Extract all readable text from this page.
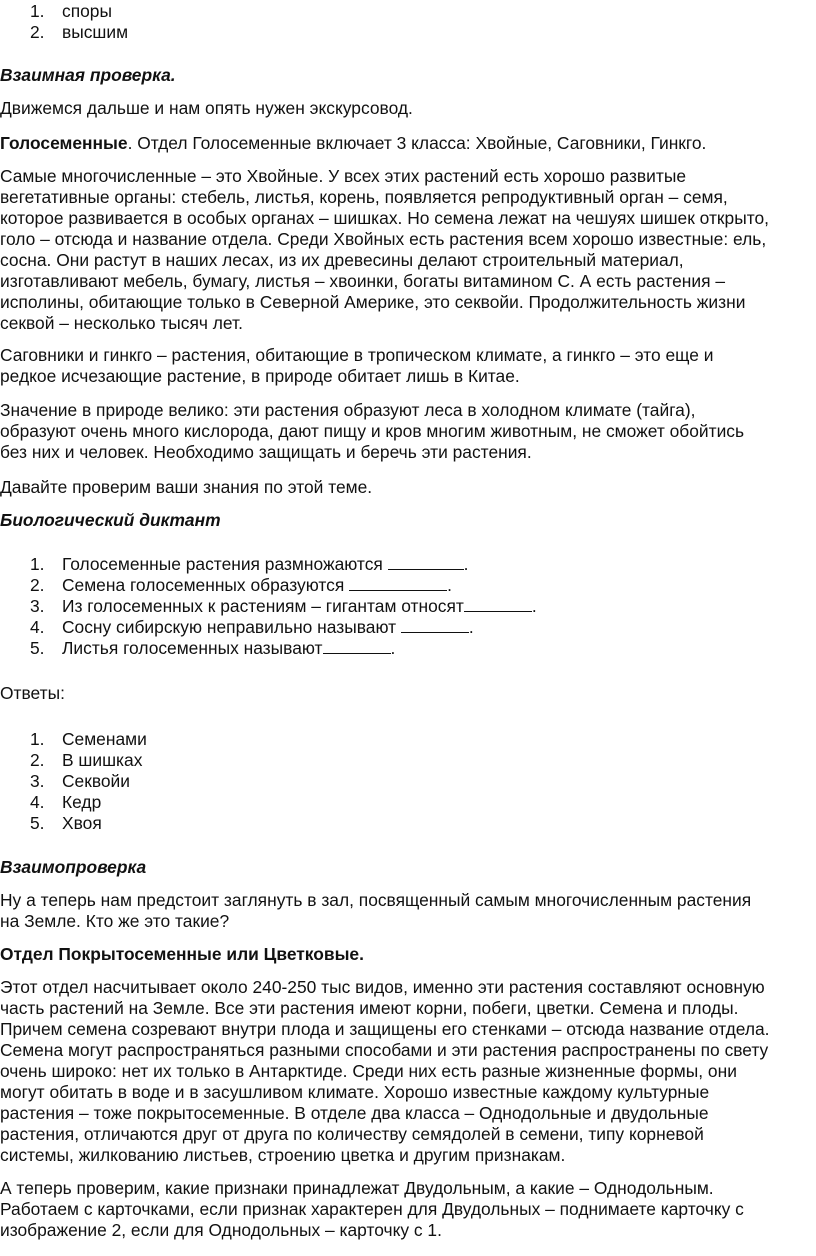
1. споры
2. высшим

Взаимная проверка.

Движемся дальше и нам опять нужен экскурсовод.

Голосеменные. Отдел Голосеменные включает 3 класса: Хвойные, Саговники, Гинкго.

Самые многочисленные – это Хвойные. У всех этих растений есть хорошо развитые
вегетативные органы: стебель, листья, корень, появляется репродуктивный орган – семя,
которое развивается в особых органах – шишках. Но семена лежат на чешуях шишек открыто,
голо – отсюда и название отдела. Среди Хвойных есть растения всем хорошо известные: ель,
сосна. Они растут в наших лесах, из их древесины делают строительный материал,
изготавливают мебель, бумагу, листья – хвоинки, богаты витамином С. А есть растения –
исполины, обитающие только в Северной Америке, это секвойи. Продолжительность жизни
секвой – несколько тысяч лет.
Саговники и гинкго – растения, обитающие в тропическом климате, а гинкго – это еще и
редкое исчезающие растение, в природе обитает лишь в Китае.
Значение в природе велико: эти растения образуют леса в холодном климате (тайга),
образуют очень много кислорода, дают пищу и кров многим животным, не сможет обойтись
без них и человек. Необходимо защищать и беречь эти растения.

Давайте проверим ваши знания по этой теме.

Биологический диктант

1. Голосеменные растения размножаются	.
2. Семена голосеменных образуются	.
3. Из голосеменных к растениям – гигантам относят	.
4. Сосну сибирскую неправильно называют	.
5. Листья голосеменных называют	.

Ответы:

1. Семенами
2. В шишках
3. Секвойи
4. Кедр
5. Хвоя

Взаимопроверка

Ну а теперь нам предстоит заглянуть в зал, посвященный самым многочисленным растения
на Земле. Кто же это такие?

Отдел Покрытосеменные или Цветковые.

Этот отдел насчитывает около 240-250 тыс видов, именно эти растения составляют основную
часть растений на Земле. Все эти растения имеют корни, побеги, цветки. Семена и плоды.
Причем семена созревают внутри плода и защищены его стенками – отсюда название отдела.
Семена могут распространяться разными способами и эти растения распространены по свету
очень широко: нет их только в Антарктиде. Среди них есть разные жизненные формы, они
могут обитать в воде и в засушливом климате. Хорошо известные каждому культурные
растения – тоже покрытосеменные. В отделе два класса – Однодольные и двудольные
растения, отличаются друг от друга по количеству семядолей в семени, типу корневой
системы, жилкованию листьев, строению цветка и другим признакам.
А теперь проверим, какие признаки принадлежат Двудольным, а какие – Однодольным.
Работаем с карточками, если признак характерен для Двудольных – поднимаете карточку с
изображение 2, если для Однодольных – карточку с 1.
